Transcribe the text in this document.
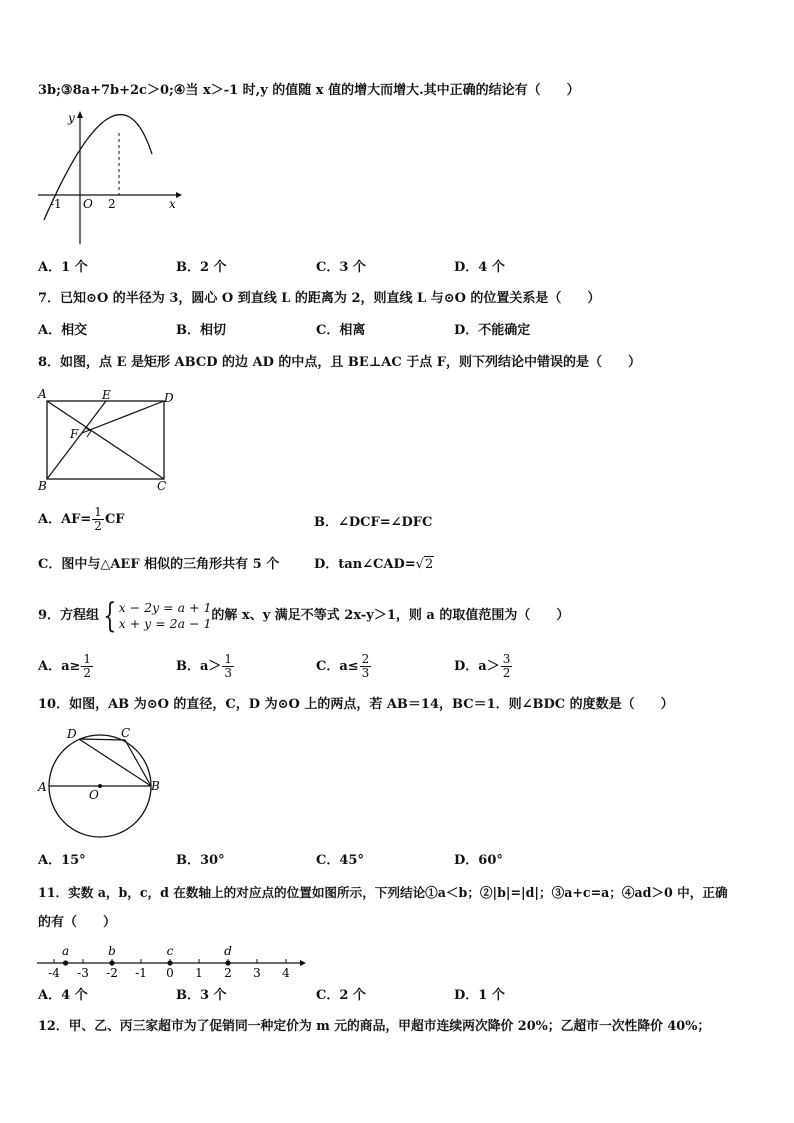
3b;③8a+7b+2c＞0;④当 x＞-1 时,y 的值随 x 值的增大而增大.其中正确的结论有（　　）
y
x
-1 O 2
A．1 个	B．2 个	C．3 个	D．4 个
7．已知⊙O 的半径为 3，圆心 O 到直线 L 的距离为 2，则直线 L 与⊙O 的位置关系是（　　）
A．相交	B．相切	C．相离	D．不能确定
8．如图，点 E 是矩形 ABCD 的边 AD 的中点，且 BE⊥AC 于点 F，则下列结论中错误的是（　　）
A	E	D
F
B	C
A．$AF= \frac{1}{2}$ CF	B．∠DCF=∠DFC
C．图中与△AEF 相似的三角形共有 5 个	D．tan∠CAD=√2
9．方程组 { x − 2y = a + 1
x + y = 2a − 1 的解 x、y 满足不等式 2x-y＞1，则 a 的取值范围为（　　）
A．$a\ge \frac{1}{2}$	B．$a> \frac{1}{3}$	C．$a\le \frac{2}{3}$	D．$a> \frac{3}{2}$
10．如图，AB 为⊙O 的直径，C，D 为⊙O 上的两点，若 AB＝14，BC＝1．则∠BDC 的度数是（　　）
D	C
A
O
B
A．15°	B．30°	C．45°	D．60°
11．实数 a，b，c，d 在数轴上的对应点的位置如图所示，下列结论①a＜b；②|b|=|d|；③a+c=a；④ad＞0 中，正确
的有（　　）
-4 -3 -2 -1 0 1 2 3 4
a	b	c	d
A．4 个	B．3 个	C．2 个	D．1 个
12．甲、乙、丙三家超市为了促销同一种定价为 m 元的商品，甲超市连续两次降价 20%；乙超市一次性降价 40%；
